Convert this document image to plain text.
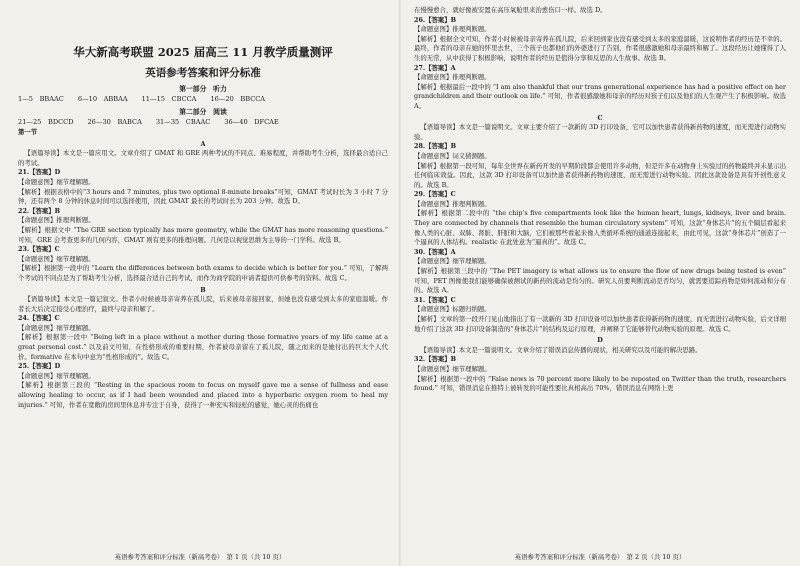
华大新高考联盟 2025 届高三 11 月教学质量测评
英语参考答案和评分标准
第一部分　听力
1—5　BBAAC 6—10　ABBAA 11—15　CBCCA 16—20　BBCCA
第二部分　阅读
21—25　BDCCD 26—30　BABCA 31—35　CBAAC 36—40　DFCAE
第一节
A
【语篇导读】本文是一篇应用文。文章介绍了 GMAT 和 GRE 两种考试的不同点、难易程度，并帮助考生分析，选择最合适自己的考试。
21.【答案】D
【命题意图】细节理解题。
【解析】根据表格中的“3 hours and 7 minutes, plus two optional 8-minute breaks”可知，GMAT 考试时长为 3 小时 7 分钟，还有两个 8 分钟的休息时间可以选择使用，因此 GMAT 最长的考试时长为 203 分钟。故选 D。
22.【答案】B
【命题意图】推理判断题。
【解析】根据文中 “The GRE section typically has more geometry, while the GMAT has more reasoning questions.” 可知，GRE 会考查更多的几何内容，GMAT 则有更多的推理问题。几何是以视觉思维为主导的一门学科。故选 B。
23.【答案】C
【命题意图】细节理解题。
【解析】根据第一段中的 “Learn the differences between both exams to decide which is better for you.” 可知，了解两个考试的不同点是为了帮助考生分析，选择最合适自己的考试，而作为商学院的申请者提供可供参考的资料。故选 C。
B
【语篇导读】本文是一篇记叙文。作者小时候被母亲寄养在孤儿院，后来被母亲接回家，但她也没有感受到太多的家庭温暖。作者长大后决定接受心理治疗，最终与母亲和解了。
24.【答案】C
【命题意图】细节理解题。
【解析】根据第一段中 “Being left in a place without a mother during those formative years of my life came at a great personal cost.” 以及前文可知，在性格形成的重要时期，作者被母亲留在了孤儿院，随之而来的是她付出的巨大个人代价。formative 在本句中意为“性格形成的”。故选 C。
25.【答案】D
【命题意图】细节理解题。
【解析】根据第三段的 “Resting in the spacious room to focus on myself gave me a sense of fullness and ease allowing healing to occur, as if I had been wounded and placed into a hyperbaric oxygen room to heal my injuries.” 可知，作者在宽敞的房间里休息并专注于自身，获得了一种充实和轻松的感觉，她心灵的伤痛也
英语参考答案和评分标准（新高考卷）　第 1 页（共 10 页）
在慢慢愈合，就好像被安置在高压氧舱里来治愈伤口一样。故选 D。
26.【答案】B
【命题意图】推理判断题。
【解析】根据全文可知，作者小时候被母亲寄养在孤儿院，后来回到家也没有感受到太多的家庭温暖，这说明作者的经历是不幸的。最终，作者的母亲在她的怀里去世，三个孩子也都他们的外婆进行了告别，作者很感激她和母亲最终和解了。这段经历让她懂得了人生的无常，从中获得了积极影响，说明作者的经历是值得分享和反思的人生故事。故选 B。
27.【答案】A
【命题意图】推理判断题。
【解析】根据最后一段中的 “I am also thankful that our trans generational experience has had a positive effect on her grandchildren and their outlook on life.” 可知，作者很感激她和母亲的经历对孩子们以及他们的人生观产生了积极影响。故选 A。
C
【语篇导读】本文是一篇说明文。文章主要介绍了一款新的 3D 打印设备，它可以加快患者获得新药物的速度，而无需进行动物实验。
28.【答案】B
【命题意图】词义猜测题。
【解析】根据第一段可知，每年全世界在新药开发的早期阶段都会使用许多动物，但是许多在动物身上实验过的药物最终并未显示出任何临床效益。因此，这款 3D 打印设备可以加快患者获得新药物的速度，而无需进行动物实验。因此这款设备是具有开创性意义的。故选 B。
29.【答案】C
【命题意图】推理判断题。
【解析】根据第二段中的 “the chip’s five compartments look like the human heart, lungs, kidneys, liver and brain. They are connected by channels that resemble the human circulatory system” 可知，这款“身体芯片”的五个隔层看起来像人类的心脏、双肺、肾脏、肝脏和大脑，它们被那些看起来像人类循环系统的通道连接起来，由此可见，这款“身体芯片”创造了一个逼真的人体结构。realistic 在此处意为“逼真的”。故选 C。
30.【答案】A
【命题意图】细节理解题。
【解析】根据第三段中的 “The PET imagery is what allows us to ensure the flow of new drugs being tested is even” 可知，PET 图像使我们能够确保被测试的新药的流动是均匀的。研究人员要判断流动是否均匀，就需要追踪药物是如何流动和分布的。故选 A。
31.【答案】C
【命题意图】标题归纳题。
【解析】文章的第一段开门见山地指出了有一款新的 3D 打印设备可以加快患者获得新药物的速度，而无需进行动物实验，后文详细地介绍了这款 3D 打印设备制造的“身体芯片”的结构及运行原理，并阐释了它能够替代动物实验的原理。故选 C。
D
【语篇导读】本文是一篇说明文。文章介绍了错误消息传播的现状，相关研究以及可能的解决思路。
32.【答案】B
【命题意图】细节理解题。
【解析】根据第一段中的 “False news is 70 percent more likely to be reposted on Twitter than the truth, researchers found.” 可知，错误消息在推特上被转发的可能性要比真相高出 70%，错误消息在网络上更
英语参考答案和评分标准（新高考卷）　第 2 页（共 10 页）
